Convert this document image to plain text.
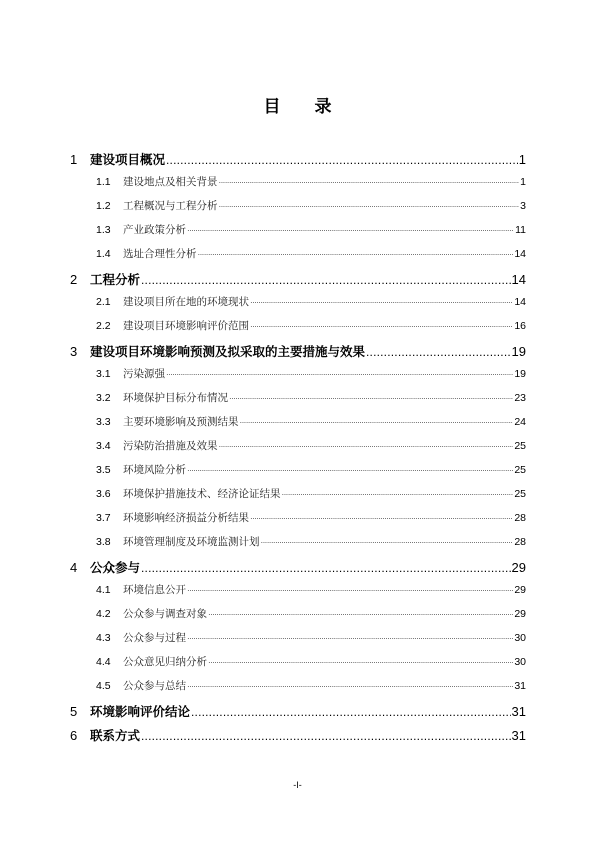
目 录
1	建设项目概况 .....	1
1.1	建设地点及相关背景 ·····	1
1.2	工程概况与工程分析 ·····	3
1.3	产业政策分析 ·····	11
1.4	选址合理性分析 ·····	14
2	工程分析 .....	14
2.1	建设项目所在地的环境现状 ·····	14
2.2	建设项目环境影响评价范围 ·····	16
3	建设项目环境影响预测及拟采取的主要措施与效果 .....	19
3.1	污染源强 ·····	19
3.2	环境保护目标分布情况 ·····	23
3.3	主要环境影响及预测结果 ·····	24
3.4	污染防治措施及效果 ·····	25
3.5	环境风险分析 ·····	25
3.6	环境保护措施技术、经济论证结果 ·····	25
3.7	环境影响经济损益分析结果 ·····	28
3.8	环境管理制度及环境监测计划 ·····	28
4	公众参与 .....	29
4.1	环境信息公开 ·····	29
4.2	公众参与调查对象 ·····	29
4.3	公众参与过程 ·····	30
4.4	公众意见归纳分析 ·····	30
4.5	公众参与总结 ·····	31
5	环境影响评价结论 .....	31
6	联系方式 .....	31
-I-
